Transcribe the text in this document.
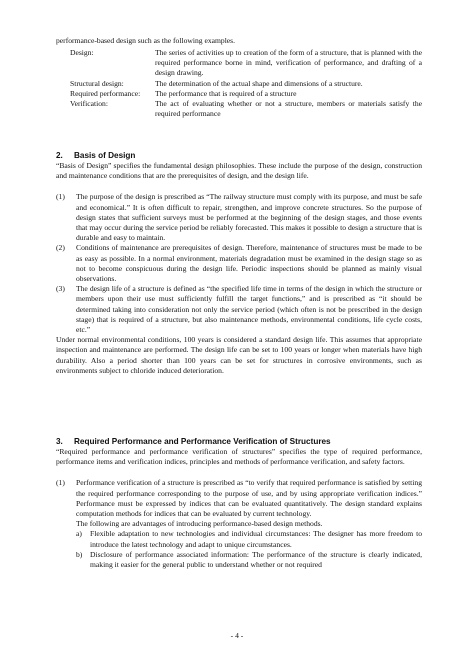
performance-based design such as the following examples.

Design:	The series of activities up to creation of the form of a structure, that is planned with the required performance borne in mind, verification of performance, and drafting of a design drawing.
Structural design:	The determination of the actual shape and dimensions of a structure.
Required performance:	The performance that is required of a structure
Verification:	The act of evaluating whether or not a structure, members or materials satisfy the required performance
2. Basis of Design

“Basis of Design” specifies the fundamental design philosophies. These include the purpose of the design, construction and maintenance conditions that are the prerequisites of design, and the design life.

(1)	The purpose of the design is prescribed as “The railway structure must comply with its purpose, and must be safe and economical.” It is often difficult to repair, strengthen, and improve concrete structures. So the purpose of design states that sufficient surveys must be performed at the beginning of the design stages, and those events that may occur during the service period be reliably forecasted. This makes it possible to design a structure that is durable and easy to maintain.
(2)	Conditions of maintenance are prerequisites of design. Therefore, maintenance of structures must be made to be as easy as possible. In a normal environment, materials degradation must be examined in the design stage so as not to become conspicuous during the design life. Periodic inspections should be planned as mainly visual observations.
(3)	The design life of a structure is defined as “the specified life time in terms of the design in which the structure or members upon their use must sufficiently fulfill the target functions,” and is prescribed as “it should be determined taking into consideration not only the service period (which often is not be prescribed in the design stage) that is required of a structure, but also maintenance methods, environmental conditions, life cycle costs, etc.”

Under normal environmental conditions, 100 years is considered a standard design life. This assumes that appropriate inspection and maintenance are performed. The design life can be set to 100 years or longer when materials have high durability. Also a period shorter than 100 years can be set for structures in corrosive environments, such as environments subject to chloride induced deterioration.

3. Required Performance and Performance Verification of Structures

“Required performance and performance verification of structures” specifies the type of required performance, performance items and verification indices, principles and methods of performance verification, and safety factors.

(1)	Performance verification of a structure is prescribed as “to verify that required performance is satisfied by setting the required performance corresponding to the purpose of use, and by using appropriate verification indices.” Performance must be expressed by indices that can be evaluated quantitatively. The design standard explains computation methods for indices that can be evaluated by current technology.

The following are advantages of introducing performance-based design methods.

a)	Flexible adaptation to new technologies and individual circumstances: The designer has more freedom to introduce the latest technology and adapt to unique circumstances.
b)	Disclosure of performance associated information: The performance of the structure is clearly indicated, making it easier for the general public to understand whether or not required
- 4 -
